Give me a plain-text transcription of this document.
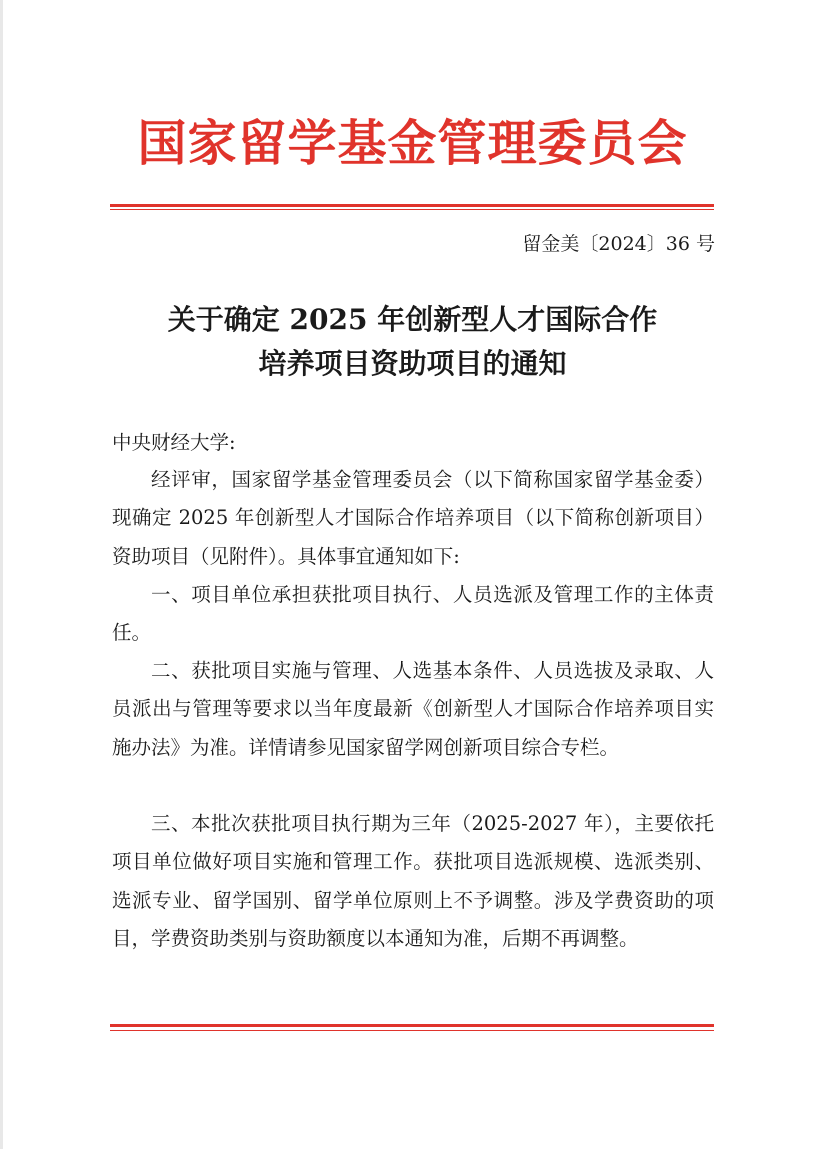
国家留学基金管理委员会
留金美〔2024〕36 号
关于确定 2025 年创新型人才国际合作
培养项目资助项目的通知
中央财经大学:

经评审，国家留学基金管理委员会（以下简称国家留学基金委）现确定 2025 年创新型人才国际合作培养项目（以下简称创新项目）资助项目（见附件）。具体事宜通知如下:

一、项目单位承担获批项目执行、人员选派及管理工作的主体责任。

二、获批项目实施与管理、人选基本条件、人员选拔及录取、人员派出与管理等要求以当年度最新《创新型人才国际合作培养项目实施办法》为准。详情请参见国家留学网创新项目综合专栏。

三、本批次获批项目执行期为三年（2025-2027 年），主要依托项目单位做好项目实施和管理工作。获批项目选派规模、选派类别、选派专业、留学国别、留学单位原则上不予调整。涉及学费资助的项目，学费资助类别与资助额度以本通知为准，后期不再调整。
